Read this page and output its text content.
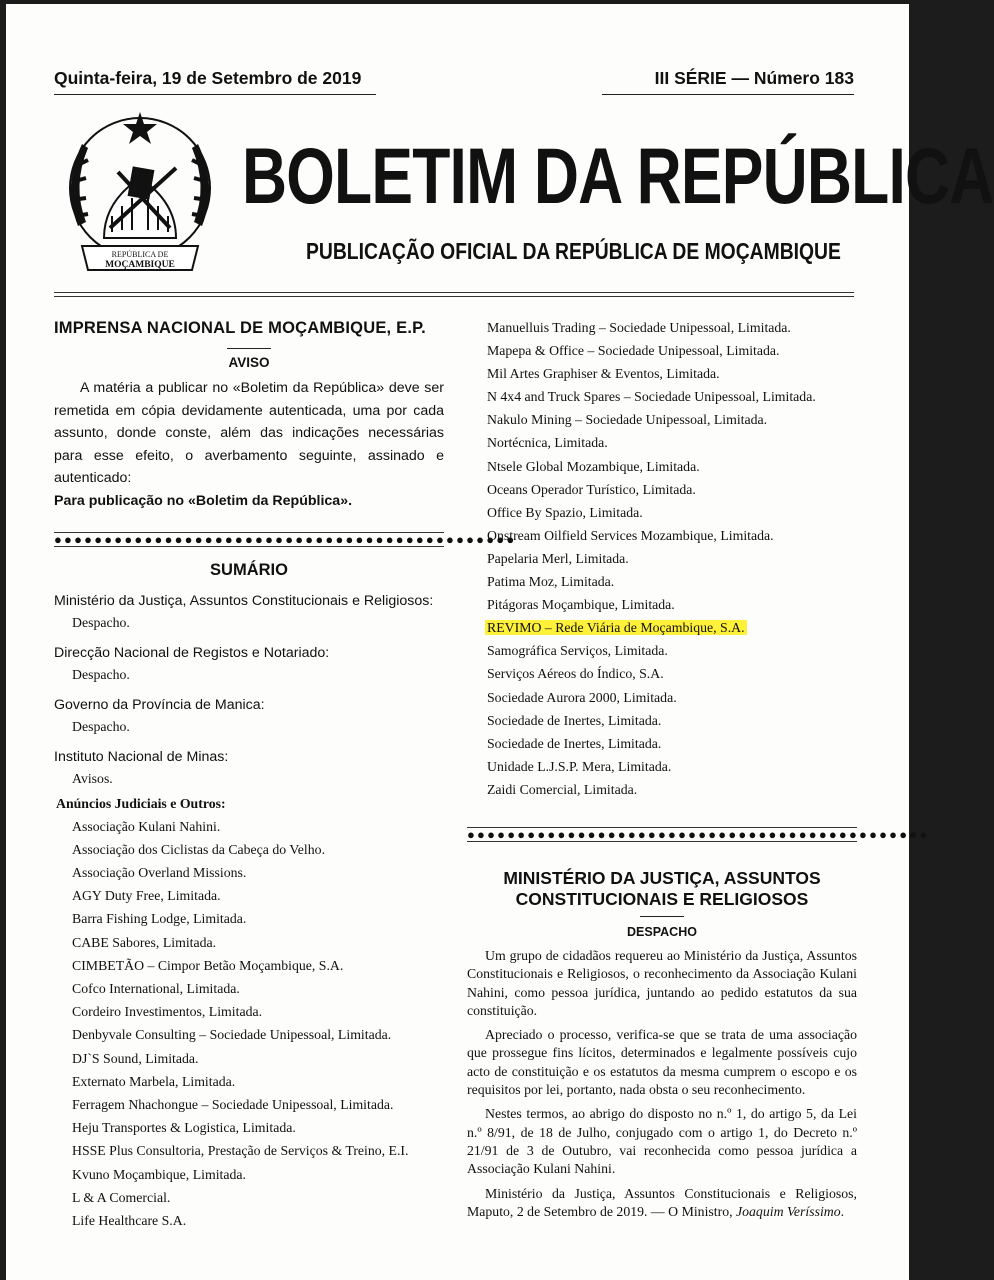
Quinta-feira, 19 de Setembro de 2019	III SÉRIE — Número 183
REPÚBLICA DE
MOÇAMBIQUE
BOLETIM DA REPÚBLICA
PUBLICAÇÃO OFICIAL DA REPÚBLICA DE MOÇAMBIQUE
IMPRENSA NACIONAL DE MOÇAMBIQUE, E.P.
AVISO
A matéria a publicar no «Boletim da República» deve ser remetida em cópia devidamente autenticada, uma por cada assunto, donde conste, além das indicações necessárias para esse efeito, o averbamento seguinte, assinado e autenticado:
Para publicação no «Boletim da República».
●●●●●●●●●●●●●●●●●●●●●●●●●●●●●●●●●●●●●●●●●●●●●●
SUMÁRIO
Ministério da Justiça, Assuntos Constitucionais e Religiosos:
Despacho.
Direcção Nacional de Registos e Notariado:
Despacho.
Governo da Província de Manica:
Despacho.
Instituto Nacional de Minas:
Avisos.
Anúncios Judiciais e Outros:
Associação Kulani Nahini.
Associação dos Ciclistas da Cabeça do Velho.
Associação Overland Missions.
AGY Duty Free, Limitada.
Barra Fishing Lodge, Limitada.
CABE Sabores, Limitada.
CIMBETÃO – Cimpor Betão Moçambique, S.A.
Cofco International, Limitada.
Cordeiro Investimentos, Limitada.
Denbyvale Consulting – Sociedade Unipessoal, Limitada.
DJ`S Sound, Limitada.
Externato Marbela, Limitada.
Ferragem Nhachongue – Sociedade Unipessoal, Limitada.
Heju Transportes & Logistica, Limitada.
HSSE Plus Consultoria, Prestação de Serviços & Treino, E.I.
Kvuno Moçambique, Limitada.
L & A Comercial.
Life Healthcare S.A.
Manuelluis Trading – Sociedade Unipessoal, Limitada.
Mapepa & Office – Sociedade Unipessoal, Limitada.
Mil Artes Graphiser & Eventos, Limitada.
N 4x4 and Truck Spares – Sociedade Unipessoal, Limitada.
Nakulo Mining – Sociedade Unipessoal, Limitada.
Nortécnica, Limitada.
Ntsele Global Mozambique, Limitada.
Oceans Operador Turístico, Limitada.
Office By Spazio, Limitada.
Onstream Oilfield Services Mozambique, Limitada.
Papelaria Merl, Limitada.
Patima Moz, Limitada.
Pitágoras Moçambique, Limitada.
REVIMO – Rede Viária de Moçambique, S.A.
Samográfica Serviços, Limitada.
Serviços Aéreos do Índico, S.A.
Sociedade Aurora 2000, Limitada.
Sociedade de Inertes, Limitada.
Sociedade de Inertes, Limitada.
Unidade L.J.S.P. Mera, Limitada.
Zaidi Comercial, Limitada.
●●●●●●●●●●●●●●●●●●●●●●●●●●●●●●●●●●●●●●●●●●●●●●
MINISTÉRIO DA JUSTIÇA, ASSUNTOS
CONSTITUCIONAIS E RELIGIOSOS
DESPACHO
Um grupo de cidadãos requereu ao Ministério da Justiça, Assuntos Constitucionais e Religiosos, o reconhecimento da Associação Kulani Nahini, como pessoa jurídica, juntando ao pedido estatutos da sua constituição.
Apreciado o processo, verifica-se que se trata de uma associação que prossegue fins lícitos, determinados e legalmente possíveis cujo acto de constituição e os estatutos da mesma cumprem o escopo e os requisitos por lei, portanto, nada obsta o seu reconhecimento.
Nestes termos, ao abrigo do disposto no n.º 1, do artigo 5, da Lei n.º 8/91, de 18 de Julho, conjugado com o artigo 1, do Decreto n.º 21/91 de 3 de Outubro, vai reconhecida como pessoa jurídica a Associação Kulani Nahini.
Ministério da Justiça, Assuntos Constitucionais e Religiosos, Maputo, 2 de Setembro de 2019. — O Ministro, Joaquim Veríssimo.
